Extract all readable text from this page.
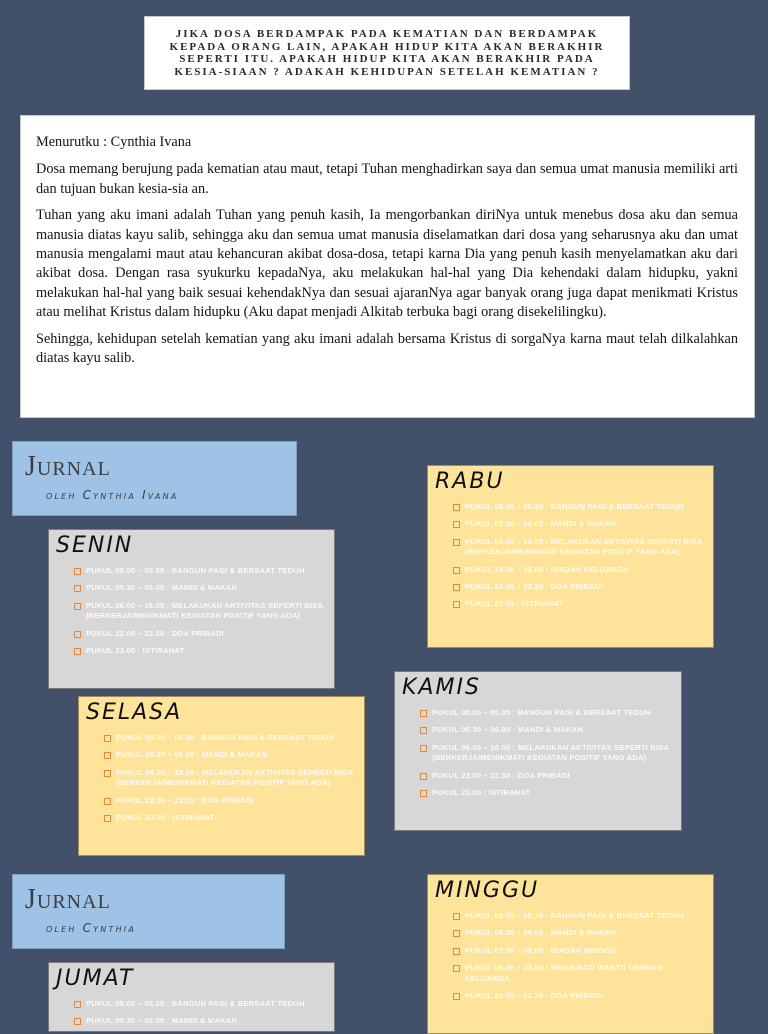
JIKA DOSA BERDAMPAK PADA KEMATIAN DAN BERDAMPAK KEPADA ORANG LAIN, APAKAH HIDUP KITA AKAN BERAKHIR SEPERTI ITU. APAKAH HIDUP KITA AKAN BERAKHIR PADA KESIA-SIAAN ? ADAKAH KEHIDUPAN SETELAH KEMATIAN ?

Menurutku : Cynthia Ivana

Dosa memang berujung pada kematian atau maut, tetapi Tuhan menghadirkan saya dan semua umat manusia memiliki arti dan tujuan bukan kesia-sia an.

Tuhan yang aku imani adalah Tuhan yang penuh kasih, Ia mengorbankan diriNya untuk menebus dosa aku dan semua manusia diatas kayu salib, sehingga aku dan semua umat manusia diselamatkan dari dosa yang seharusnya aku dan umat manusia mengalami maut atau kehancuran akibat dosa-dosa, tetapi karna Dia yang penuh kasih menyelamatkan aku dari akibat dosa. Dengan rasa syukurku kepadaNya, aku melakukan hal-hal yang Dia kehendaki dalam hidupku, yakni melakukan hal-hal yang baik sesuai kehendakNya dan sesuai ajaranNya agar banyak orang juga dapat menikmati Kristus atau melihat Kristus dalam hidupku (Aku dapat menjadi Alkitab terbuka bagi orang disekelilingku).

Sehingga, kehidupan setelah kematian yang aku imani adalah bersama Kristus di sorgaNya karna maut telah dilkalahkan diatas kayu salib.

Jurnal
oleh Cynthia Ivana
SENIN
PUKUL 05.00 – 05.30 : BANGUN PAGI & BERSAAT TEDUH
PUKUL 05.30 – 06.00 : MANDI & MAKAN
PUKUL 06.00 – 18.00 : MELAKUKAN AKTIVITAS SEPERTI BISA (BERKERJA/MENIKMATI KEGIATAN POSITIF YANG ADA)
PUKUL 22.00 – 22.30 : DOA PRIBADI
PUKUL 23.00 : ISTIRAHAT
SELASA
PUKUL 05.00 – 05.30 : BANGUN PAGI & BERSAAT TEDUH
PUKUL 05.30 – 06.00 : MANDI & MAKAN
PUKUL 06.00 – 18.00 : MELAKUKAN AKTIVITAS SEPERTI BISA (BERKERJA/MENIKMATI KEGIATAN POSITIF YANG ADA)
PUKUL 22.00 – 22.30 : DOA PRIBADI
PUKUL 23.00 : ISTIRAHAT
RABU
PUKUL 05.00 – 05.30 : BANGUN PAGI & BERSAAT TEDUH
PUKUL 05.30 – 06.00 : MANDI & MAKAN
PUKUL 06.00 – 19.00 : MELAKUKAN AKTIVITAS SEPERTI BISA (BERKERJA/MENIKMATI KEGIATAN POSITIF YANG ADA)
PUKUL 19.00 – 22.00 : IBADAH KELUARGA
PUKUL 22.00 – 22.30 : DOA PRIBADI
PUKUL 23.00 : ISTIRAHAT
KAMIS
PUKUL 05.00 – 05.30 : BANGUN PAGI & BERSAAT TEDUH
PUKUL 05.30 – 06.00 : MANDI & MAKAN
PUKUL 06.00 – 18.00 : MELAKUKAN AKTIVITAS SEPERTI BISA (BERKERJA/MENIKMATI KEGIATAN POSITIF YANG ADA)
PUKUL 22.00 – 22.30 : DOA PRIBADI
PUKUL 23.00 : ISTIRAHAT
Jurnal
oleh Cynthia
JUMAT
PUKUL 05.00 – 05.30 : BANGUN PAGI & BERSAAT TEDUH
PUKUL 05.30 – 06.00 : MANDI & MAKAN
MINGGU
PUKUL 05.00 – 05.30 : BANGUN PAGI & BERSAAT TEDUH
PUKUL 05.30 – 06.00 : MANDI & MAKAN
PUKUL 07.00 – 09.00 : IBADAH MINGGU
PUKUL 09.00 – 22.00 : MENIKMATI WAKTU DENGAN KELUARGA
PUKUL 22.00 – 22.30 : DOA PRIBADI
